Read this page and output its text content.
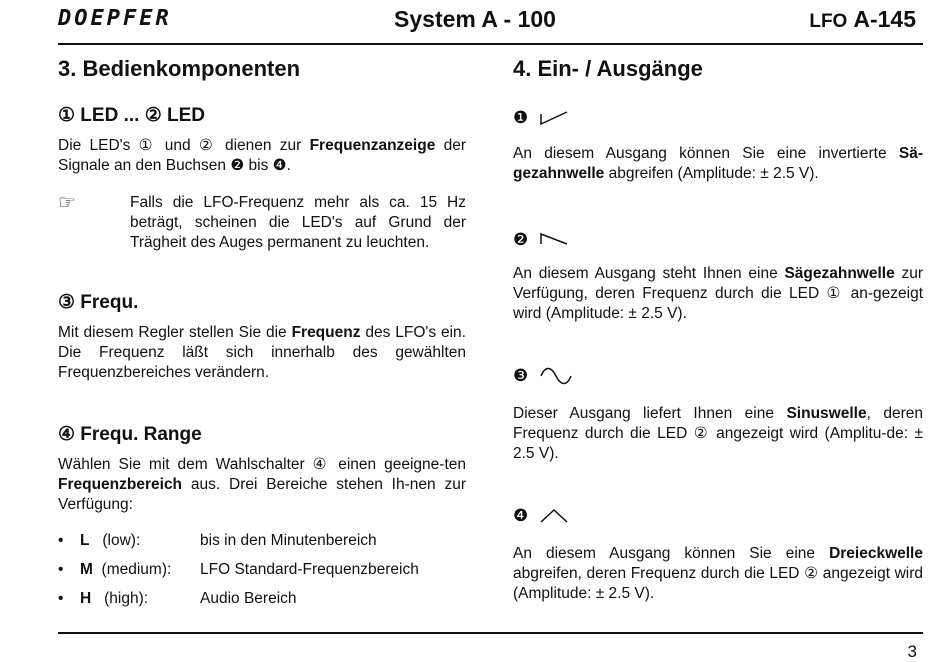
DOEPFER	System A - 100	LFO A-145
3. Bedienkomponenten
① LED ... ② LED

Die LED's ① und ② dienen zur Frequenzanzeige der Signale an den Buchsen ❷ bis ❹.

☞	Falls die LFO-Frequenz mehr als ca. 15 Hz beträgt, scheinen die LED's auf Grund der Trägheit des Auges permanent zu leuchten.

③ Frequ.

Mit diesem Regler stellen Sie die Frequenz des LFO's ein. Die Frequenz läßt sich innerhalb des gewählten Frequenzbereiches verändern.

④ Frequ. Range

Wählen Sie mit dem Wahlschalter ④ einen geeigne-ten Frequenzbereich aus. Drei Bereiche stehen Ih-nen zur Verfügung:

•	L (low):	bis in den Minutenbereich
•	M (medium):	LFO Standard-Frequenzbereich
•	H (high):	Audio Bereich
4. Ein- / Ausgänge
❶

An diesem Ausgang können Sie eine invertierte Sä-gezahnwelle abgreifen (Amplitude: ± 2.5 V).

❷

An diesem Ausgang steht Ihnen eine Sägezahnwelle zur Verfügung, deren Frequenz durch die LED ① an-gezeigt wird (Amplitude: ± 2.5 V).

❸

Dieser Ausgang liefert Ihnen eine Sinuswelle, deren Frequenz durch die LED ② angezeigt wird (Amplitu-de: ± 2.5 V).

❹

An diesem Ausgang können Sie eine Dreieckwelle abgreifen, deren Frequenz durch die LED ② angezeigt wird (Amplitude: ± 2.5 V).

3
